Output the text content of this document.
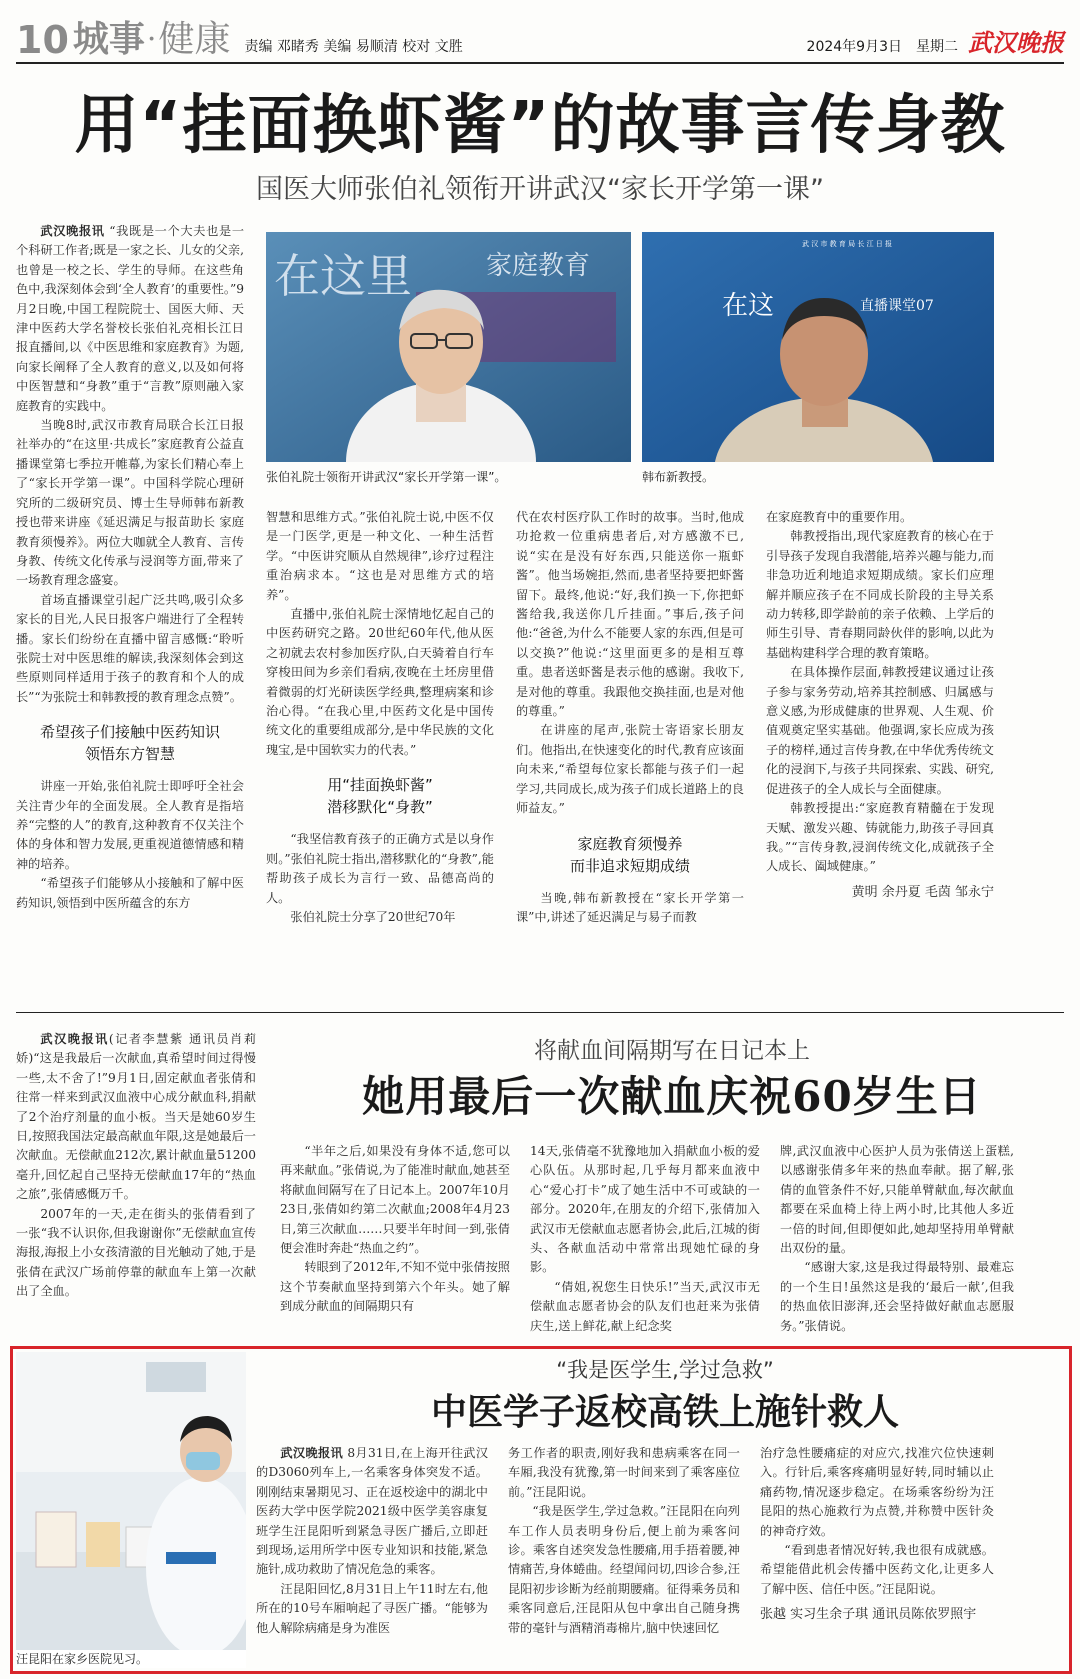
10 城事 · 健康 责编 邓睹秀 美编 易顺清 校对 文胜	2024年9月3日 星期二 武汉晚报
用“挂面换虾酱”的故事言传身教
国医大师张伯礼领衔开讲武汉“家长开学第一课”

武汉晚报讯 “我既是一个大夫也是一个科研工作者;既是一家之长、儿女的父亲,也曾是一校之长、学生的导师。在这些角色中,我深刻体会到‘全人教育’的重要性。”9月2日晚,中国工程院院士、国医大师、天津中医药大学名誉校长张伯礼亮相长江日报直播间,以《中医思维和家庭教育》为题,向家长阐释了全人教育的意义,以及如何将中医智慧和“身教”重于“言教”原则融入家庭教育的实践中。

当晚8时,武汉市教育局联合长江日报社举办的“在这里·共成长”家庭教育公益直播课堂第七季拉开帷幕,为家长们精心奉上了“家长开学第一课”。中国科学院心理研究所的二级研究员、博士生导师韩布新教授也带来讲座《延迟满足与报苗助长 家庭教育须慢养》。两位大咖就全人教育、言传身教、传统文化传承与浸润等方面,带来了一场教育理念盛宴。

首场直播课堂引起广泛共鸣,吸引众多家长的目光,人民日报客户端进行了全程转播。家长们纷纷在直播中留言感慨:“聆听张院士对中医思维的解读,我深刻体会到这些原则同样适用于孩子的教育和个人的成长”“为张院士和韩教授的教育理念点赞”。

希望孩子们接触中医药知识
领悟东方智慧

讲座一开始,张伯礼院士即呼吁全社会关注青少年的全面发展。全人教育是指培养“完整的人”的教育,这种教育不仅关注个体的身体和智力发展,更重视道德情感和精神的培养。

“希望孩子们能够从小接触和了解中医药知识,领悟到中医所蕴含的东方

在这里	家庭教育
张伯礼院士领衔开讲武汉“家长开学第一课”。
武 汉 市 教 育 局 长 江 日 报
在这	直播课堂07
韩布新教授。

智慧和思维方式。”张伯礼院士说,中医不仅是一门医学,更是一种文化、一种生活哲学。“中医讲究顺从自然规律”,诊疗过程注重治病求本。“这也是对思维方式的培养”。

直播中,张伯礼院士深情地忆起自己的中医药研究之路。20世纪60年代,他从医之初就去农村参加医疗队,白天骑着自行车穿梭田间为乡亲们看病,夜晚在土坯房里借着微弱的灯光研读医学经典,整理病案和诊治心得。“在我心里,中医药文化是中国传统文化的重要组成部分,是中华民族的文化瑰宝,是中国软实力的代表。”

用“挂面换虾酱”
潜移默化“身教”

“我坚信教育孩子的正确方式是以身作则。”张伯礼院士指出,潜移默化的“身教”,能帮助孩子成长为言行一致、品德高尚的人。

张伯礼院士分享了20世纪70年

代在农村医疗队工作时的故事。当时,他成功抢救一位重病患者后,对方感激不已,说“实在是没有好东西,只能送你一瓶虾酱”。他当场婉拒,然而,患者坚持要把虾酱留下。最终,他说:“好,我们换一下,你把虾酱给我,我送你几斤挂面。”事后,孩子问他:“爸爸,为什么不能要人家的东西,但是可以交换?”他说:“这里面更多的是相互尊重。患者送虾酱是表示他的感谢。我收下,是对他的尊重。我跟他交换挂面,也是对他的尊重。”

在讲座的尾声,张院士寄语家长朋友们。他指出,在快速变化的时代,教育应该面向未来,“希望每位家长都能与孩子们一起学习,共同成长,成为孩子们成长道路上的良师益友。”

家庭教育须慢养
而非追求短期成绩

当晚,韩布新教授在“家长开学第一课”中,讲述了延迟满足与易子而教

在家庭教育中的重要作用。

韩教授指出,现代家庭教育的核心在于引导孩子发现自我潜能,培养兴趣与能力,而非急功近利地追求短期成绩。家长们应理解并顺应孩子在不同成长阶段的主导关系动力转移,即学龄前的亲子依赖、上学后的师生引导、青春期同龄伙伴的影响,以此为基础构建科学合理的教育策略。

在具体操作层面,韩教授建议通过让孩子参与家务劳动,培养其控制感、归属感与意义感,为形成健康的世界观、人生观、价值观奠定坚实基础。他强调,家长应成为孩子的榜样,通过言传身教,在中华优秀传统文化的浸润下,与孩子共同探索、实践、研究,促进孩子的全人成长与全面健康。

韩教授提出:“家庭教育精髓在于发现天赋、激发兴趣、铸就能力,助孩子寻回真我。”“言传身教,浸润传统文化,成就孩子全人成长、阖域健康。”

黄明 余丹夏 毛茵 邹永宁

武汉晚报讯(记者李慧紫 通讯员肖莉娇)“这是我最后一次献血,真希望时间过得慢一些,太不舍了!”9月1日,固定献血者张倩和往常一样来到武汉血液中心成分献血科,捐献了2个治疗剂量的血小板。当天是她60岁生日,按照我国法定最高献血年限,这是她最后一次献血。无偿献血212次,累计献血量51200毫升,回忆起自己坚持无偿献血17年的“热血之旅”,张倩感慨万千。

2007年的一天,走在街头的张倩看到了一张“我不认识你,但我谢谢你”无偿献血宣传海报,海报上小女孩清澈的目光触动了她,于是张倩在武汉广场前停靠的献血车上第一次献出了全血。

将献血间隔期写在日记本上
她用最后一次献血庆祝60岁生日

“半年之后,如果没有身体不适,您可以再来献血。”张倩说,为了能准时献血,她甚至将献血间隔写在了日记本上。2007年10月23日,张倩如约第二次献血;2008年4月23日,第三次献血……只要半年时间一到,张倩便会准时奔赴“热血之约”。

转眼到了2012年,不知不觉中张倩按照这个节奏献血坚持到第六个年头。她了解到成分献血的间隔期只有

14天,张倩毫不犹豫地加入捐献血小板的爱心队伍。从那时起,几乎每月都来血液中心“爱心打卡”成了她生活中不可或缺的一部分。2020年,在朋友的介绍下,张倩加入武汉市无偿献血志愿者协会,此后,江城的街头、各献血活动中常常出现她忙碌的身影。

“倩姐,祝您生日快乐!”当天,武汉市无偿献血志愿者协会的队友们也赶来为张倩庆生,送上鲜花,献上纪念奖

牌,武汉血液中心医护人员为张倩送上蛋糕,以感谢张倩多年来的热血奉献。据了解,张倩的血管条件不好,只能单臂献血,每次献血都要在采血椅上待上两小时,比其他人多近一倍的时间,但即便如此,她却坚持用单臂献出双份的量。

“感谢大家,这是我过得最特别、最难忘的一个生日!虽然这是我的‘最后一献’,但我的热血依旧澎湃,还会坚持做好献血志愿服务。”张倩说。

汪昆阳在家乡医院见习。
“我是医学生,学过急救”
中医学子返校高铁上施针救人

武汉晚报讯 8月31日,在上海开往武汉的D3060列车上,一名乘客身体突发不适。刚刚结束暑期见习、正在返校途中的湖北中医药大学中医学院2021级中医学美容康复班学生汪昆阳听到紧急寻医广播后,立即赶到现场,运用所学中医专业知识和技能,紧急施针,成功救助了情况危急的乘客。

汪昆阳回忆,8月31日上午11时左右,他所在的10号车厢响起了寻医广播。“能够为他人解除病痛是身为准医

务工作者的职责,刚好我和患病乘客在同一车厢,我没有犹豫,第一时间来到了乘客座位前。”汪昆阳说。

“我是医学生,学过急救。”汪昆阳在向列车工作人员表明身份后,便上前为乘客问诊。乘客自述突发急性腰痛,用手捂着腰,神情痛苦,身体蜷曲。经望闻问切,四诊合参,汪昆阳初步诊断为经前期腰痛。征得乘务员和乘客同意后,汪昆阳从包中拿出自己随身携带的毫针与酒精消毒棉片,脑中快速回忆

治疗急性腰痛症的对应穴,找准穴位快速刺入。行针后,乘客疼痛明显好转,同时辅以止痛药物,情况逐步稳定。在场乘客纷纷为汪昆阳的热心施救行为点赞,并称赞中医针灸的神奇疗效。

“看到患者情况好转,我也很有成就感。希望能借此机会传播中医药文化,让更多人了解中医、信任中医。”汪昆阳说。

张越 实习生余子琪 通讯员陈依罗照宇
